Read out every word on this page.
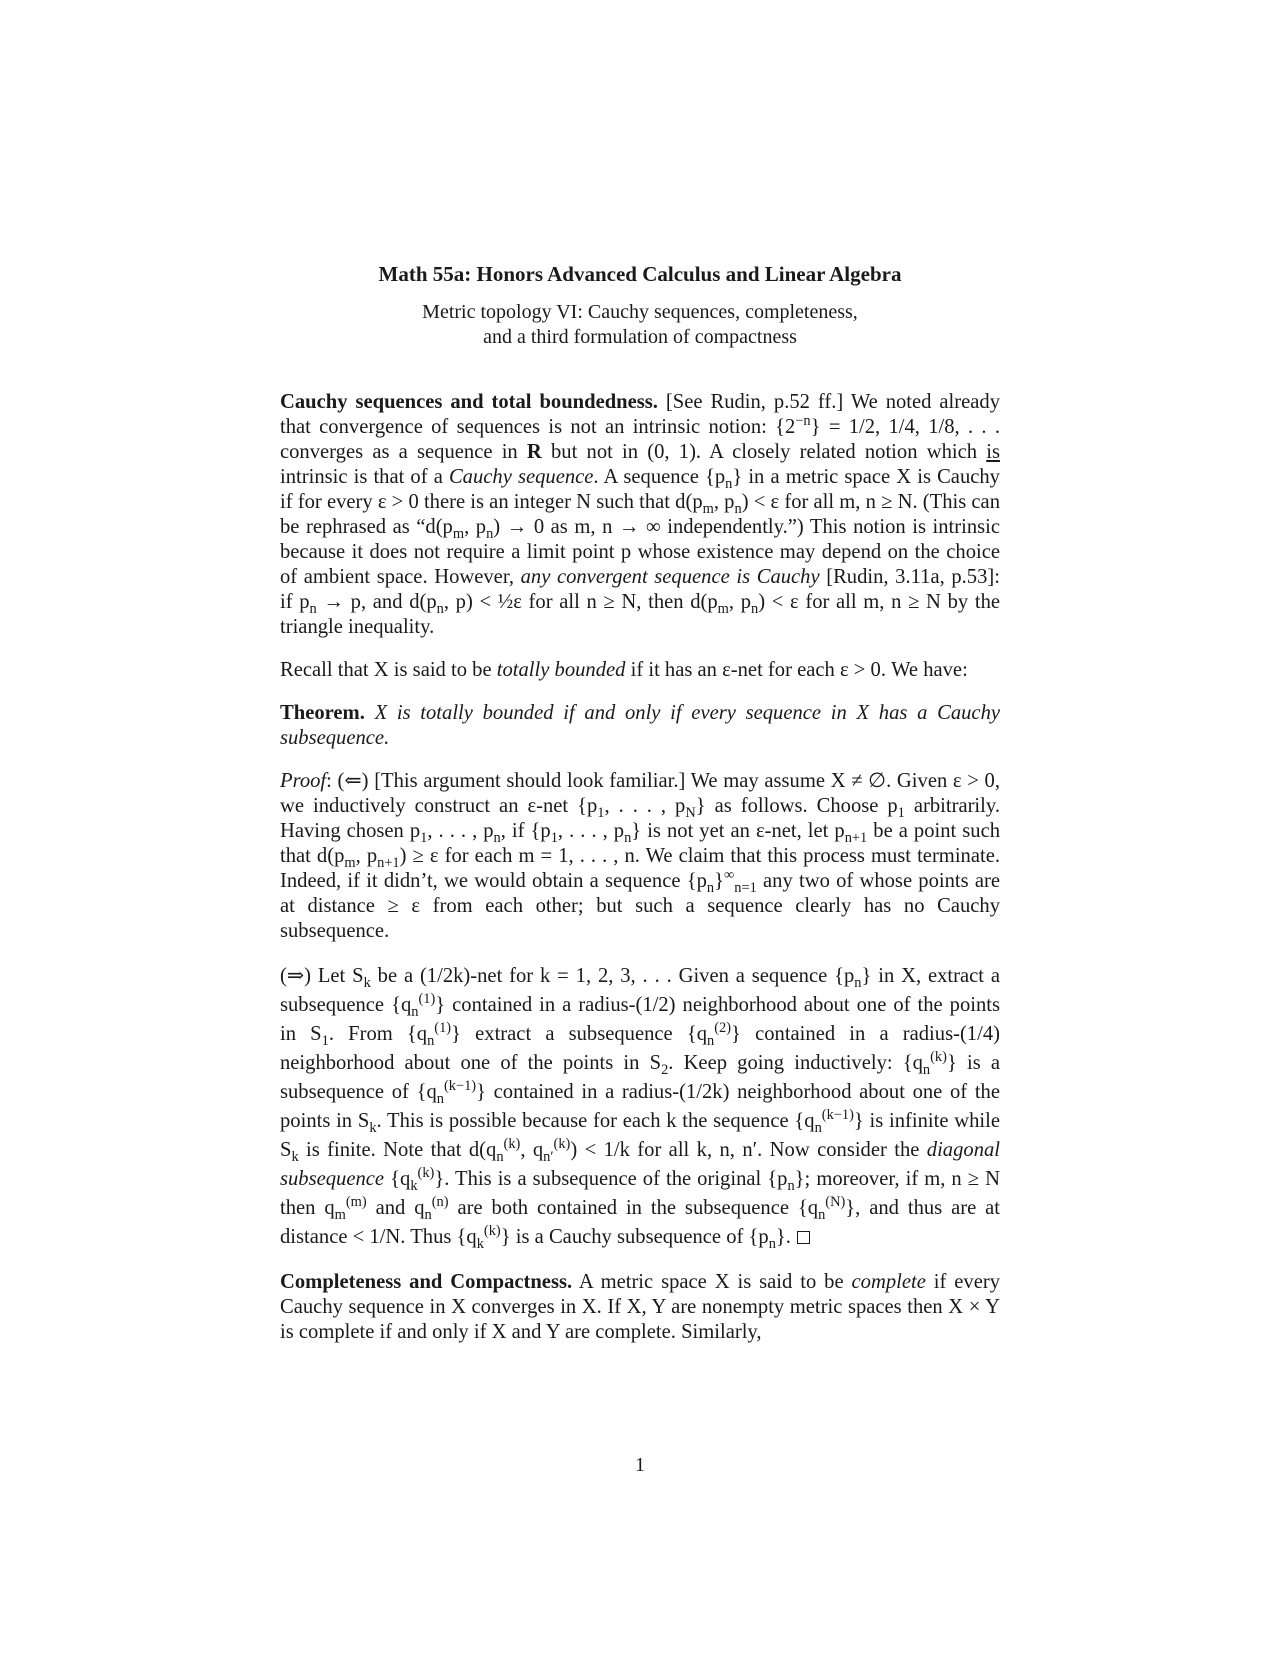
Math 55a: Honors Advanced Calculus and Linear Algebra
Metric topology VI: Cauchy sequences, completeness,
and a third formulation of compactness

Cauchy sequences and total boundedness. [See Rudin, p.52 ff.] We noted already that convergence of sequences is not an intrinsic notion: $\{2^{-n}\} = 1/2$, 1/4, 1/8, . . . converges as a sequence in R but not in (0, 1). A closely related notion which is intrinsic is that of a Cauchy sequence. A sequence $\{p_n\}$ in a metric space X is Cauchy if for every ε > 0 there is an integer N such that $d(p_m$, $p_n) < \varepsilon$ for all m, n ≥ N. (This can be rephrased as “$d(p_m$, $p_n) \to 0$ as m, n → ∞ independently.”) This notion is intrinsic because it does not require a limit point p whose existence may depend on the choice of ambient space. However, any convergent sequence is Cauchy [Rudin, 3.11a, p.53]: if $p_n \to p$, and $d(p_n$, p) < ½ε for all n ≥ N, then $d(p_m$, $p_n) < \varepsilon$ for all m, n ≥ N by the triangle inequality.

Recall that X is said to be totally bounded if it has an ε-net for each ε > 0. We have:

Theorem. X is totally bounded if and only if every sequence in X has a Cauchy subsequence.

Proof: (⇐) [This argument should look familiar.] We may assume X ≠ ∅. Given ε > 0, we inductively construct an ε-net {$p_1$, . . . , $p_N$} as follows. Choose $p_1$ arbitrarily. Having chosen $p_1$, . . . , $p_n$, if {$p_1$, . . . , $p_n$} is not yet an ε-net, let $p_{n+1}$ be a point such that $d(p_m$, $p_{n+1}) \ge \varepsilon$ for each m = 1, . . . , n. We claim that this process must terminate. Indeed, if it didn’t, we would obtain a sequence $\{p_n\}^\infty_{n=1}$ any two of whose points are at distance ≥ ε from each other; but such a sequence clearly has no Cauchy subsequence.

(⇒) Let $S_k$ be a (1/2k)-net for k = 1, 2, 3, . . . Given a sequence $\{p_n\}$ in X, extract a subsequence $\{q_n^{(1)}\}$ contained in a radius-(1/2) neighborhood about one of the points in $S_1$. From $\{q_n^{(1)}\}$ extract a subsequence $\{q_n^{(2)}\}$ contained in a radius-(1/4) neighborhood about one of the points in $S_2$. Keep going inductively: $\{q_n^{(k)}\}$ is a subsequence of $\{q_n^{(k-1)}\}$ contained in a radius-(1/2k) neighborhood about one of the points in $S_k$. This is possible because for each k the sequence $\{q_n^{(k-1)}\}$ is infinite while $S_k$ is finite. Note that $d(q_n^{(k)}$, $q_{n'}^{(k)}) < 1/k$ for all k, n, n′. Now consider the diagonal subsequence $\{q_k^{(k)}\}$. This is a subsequence of the original $\{p_n\}$; moreover, if m, n ≥ N then $q_m^{(m)}$ and $q_n^{(n)}$ are both contained in the subsequence $\{q_n^{(N)}\}$, and thus are at distance < 1/N. Thus $\{q_k^{(k)}\}$ is a Cauchy subsequence of $\{p_n\}$.

Completeness and Compactness. A metric space X is said to be complete if every Cauchy sequence in X converges in X. If X, Y are nonempty metric spaces then X × Y is complete if and only if X and Y are complete. Similarly,

1
